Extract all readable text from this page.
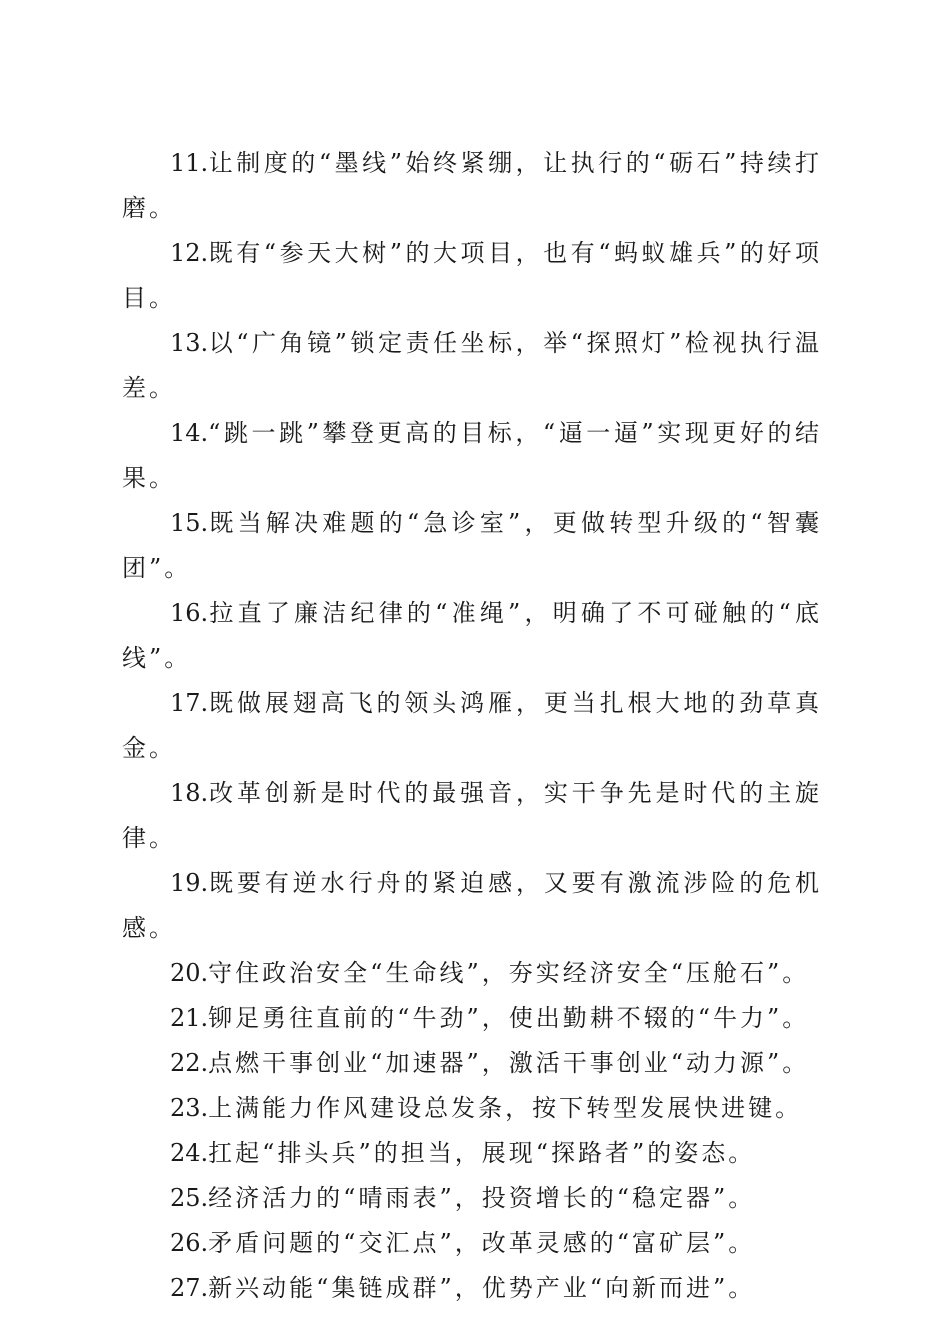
11.让制度的“墨线”始终紧绷，让执行的“砺石”持续打磨。

12.既有“参天大树”的大项目，也有“蚂蚁雄兵”的好项目。

13.以“广角镜”锁定责任坐标，举“探照灯”检视执行温差。

14.“跳一跳”攀登更高的目标，“逼一逼”实现更好的结果。

15.既当解决难题的“急诊室”，更做转型升级的“智囊团”。

16.拉直了廉洁纪律的“准绳”，明确了不可碰触的“底线”。

17.既做展翅高飞的领头鸿雁，更当扎根大地的劲草真金。

18.改革创新是时代的最强音，实干争先是时代的主旋律。

19.既要有逆水行舟的紧迫感，又要有激流涉险的危机感。

20.守住政治安全“生命线”，夯实经济安全“压舱石”。

21.铆足勇往直前的“牛劲”，使出勤耕不辍的“牛力”。

22.点燃干事创业“加速器”，激活干事创业“动力源”。

23.上满能力作风建设总发条，按下转型发展快进键。

24.扛起“排头兵”的担当，展现“探路者”的姿态。

25.经济活力的“晴雨表”，投资增长的“稳定器”。

26.矛盾问题的“交汇点”，改革灵感的“富矿层”。

27.新兴动能“集链成群”，优势产业“向新而进”。
